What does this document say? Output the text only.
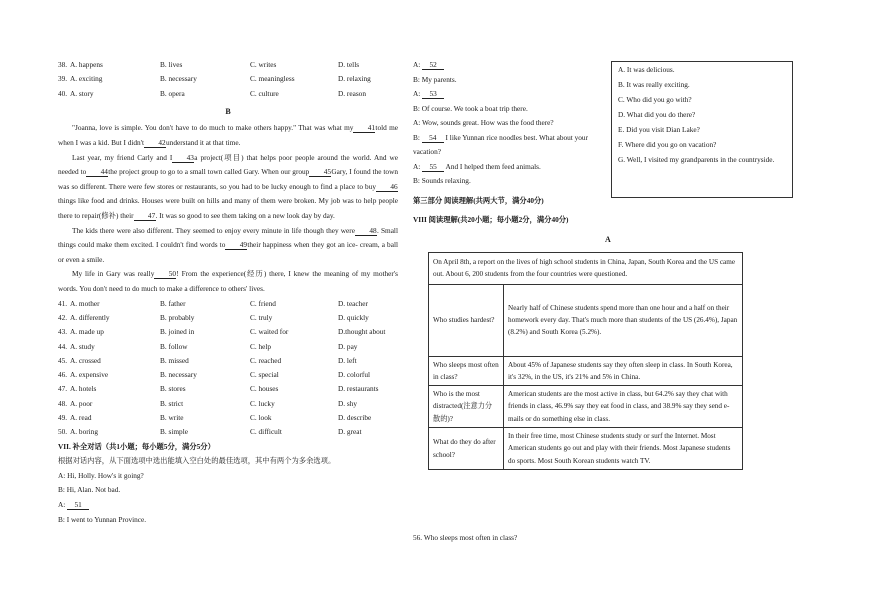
38. A. happens	B. lives	C. writes	D. tells
39. A. exciting	B. necessary	C. meaningless	D. relaxing
40. A. story	B. opera	C. culture	D. reason
B

"Joanna, love is simple. You don't have to do much to make others happy." That was what my 41told me when I was a kid. But I didn't 42understand it at that time.

Last year, my friend Carly and I 43a project(项目) that helps poor people around the world. And we needed to 44the project group to go to a small town called Gary. When our group 45Gary, I found the town was so different. There were few stores or restaurants, so you had to be lucky enough to find a place to buy 46things like food and drinks. Houses were built on hills and many of them were broken. My job was to help people there to repair(修补) their 47. It was so good to see them taking on a new look day by day.

The kids there were also different. They seemed to enjoy every minute in life though they were 48. Small things could make them excited. I couldn't find words to 49their happiness when they got an ice- cream, a ball or even a smile.

My life in Gary was really 50! From the experience(经历) there, I knew the meaning of my mother's words. You don't need to do much to make a difference to others' lives.

41. A. mother	B. father	C. friend	D. teacher
42. A. differently	B. probably	C. truly	D. quickly
43. A. made up	B. joined in	C. waited for	D.thought about
44. A. study	B. follow	C. help	D. pay
45. A. crossed	B. missed	C. reached	D. left
46. A. expensive	B. necessary	C. special	D. colorful
47. A. hotels	B. stores	C. houses	D. restaurants
48. A. poor	B. strict	C. lucky	D. shy
49. A. read	B. write	C. look	D. describe
50. A. boring	B. simple	C. difficult	D. great
VII. 补全对话（共1小题；每小题5分，满分5分）
根据对话内容，从下面选项中选出能填入空白处的最佳选项，其中有两个为多余选项。
A: Hi, Holly. How's it going?
B: Hi, Alan. Not bad.
A: 51
B: I went to Yunnan Province.
A: 52
B: My parents.
A: 53
B: Of course. We took a boat trip there.
A: Wow, sounds great. How was the food there?
B: 54 I like Yunnan rice noodles best. What about your vacation?
A: 55 And I helped them feed animals.
B: Sounds relaxing.
A. It was delicious.
B. It was really exciting.
C. Who did you go with?
D. What did you do there?
E. Did you visit Dian Lake?
F. Where did you go on vacation?
G. Well, I visited my grandparents in the countryside.
第三部分 阅读理解(共两大节，满分40分)
VIII 阅读理解(共20小题；每小题2分，满分40分)
A
On April 8th, a report on the lives of high school students in China, Japan, South Korea and the US came out. About 6, 200 students from the four countries were questioned.	
Who studies hardest?	Nearly half of Chinese students spend more than one hour and a half on their homework every day. That's much more than students of the US (26.4%), Japan (8.2%) and South Korea (5.2%).
Who sleeps most often in class?	About 45% of Japanese students say they often sleep in class. In South Korea, it's 32%, in the US, it's 21% and 5% in China.
Who is the most distracted(注意力分散的)?	American students are the most active in class, but 64.2% say they chat with friends in class, 46.9% say they eat food in class, and 38.9% say they send e-mails or do something else in class.
What do they do after school?	In their free time, most Chinese students study or surf the Internet. Most American students go out and play with their friends. Most Japanese students do sports. Most South Korean students watch TV.
56. Who sleeps most often in class?
